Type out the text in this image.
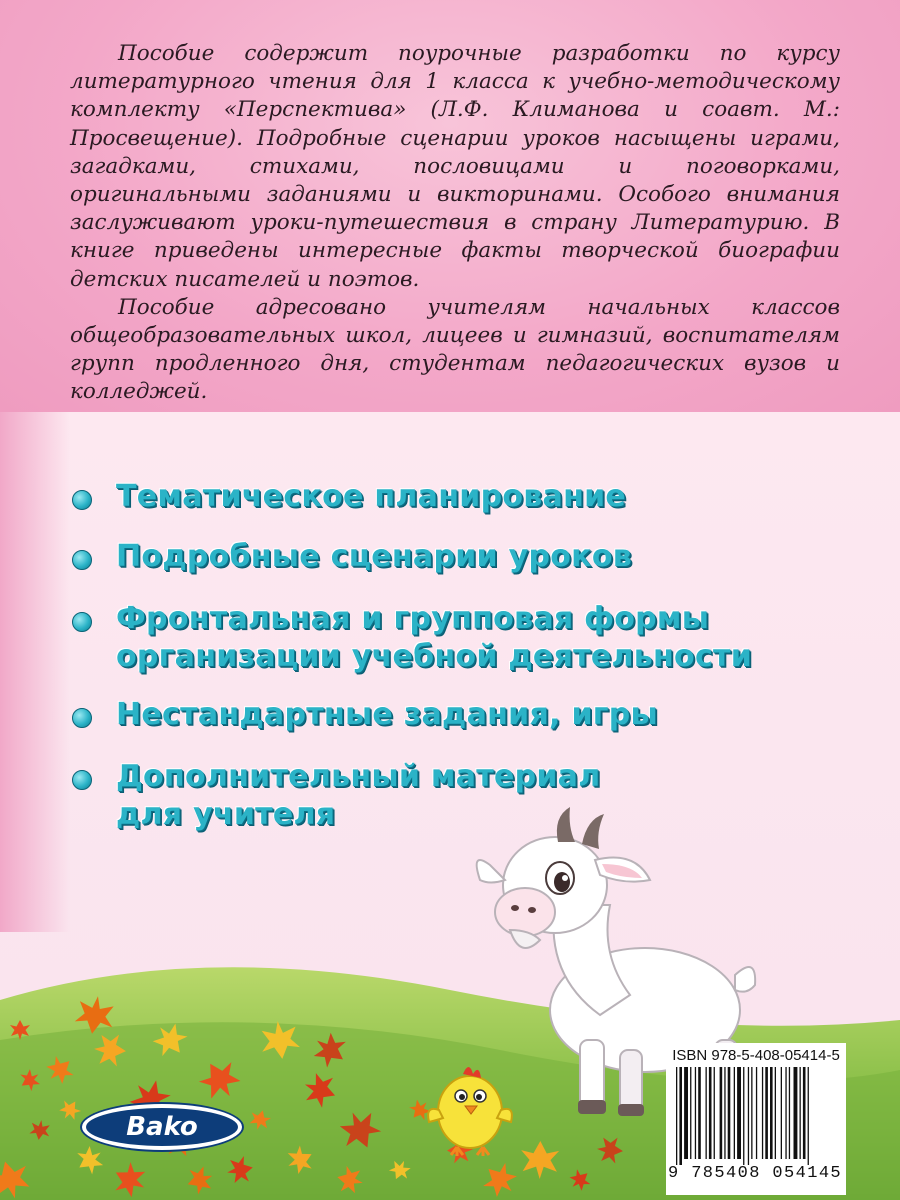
Пособие содержит поурочные разработки по курсу литературного чтения для 1 класса к учебно-методическому комплекту «Перспектива» (Л.Ф. Климанова и соавт. М.: Просвещение). Подробные сценарии уроков насыщены играми, загадками, стихами, пословицами и поговорками, оригинальными заданиями и викторинами. Особого внимания заслуживают уроки-путешествия в страну Литературию. В книге приведены интересные факты творческой биографии детских писателей и поэтов.

Пособие адресовано учителям начальных классов общеобразовательных школ, лицеев и гимназий, воспитателям групп продленного дня, студентам педагогических вузов и колледжей.

Тематическое планирование
Подробные сценарии уроков
Фронтальная и групповая формы
организации учебной деятельности
Нестандартные задания, игры
Дополнительный материал
для учителя
Bako
ISBN 978-5-408-05414-5
9 785408 054145
